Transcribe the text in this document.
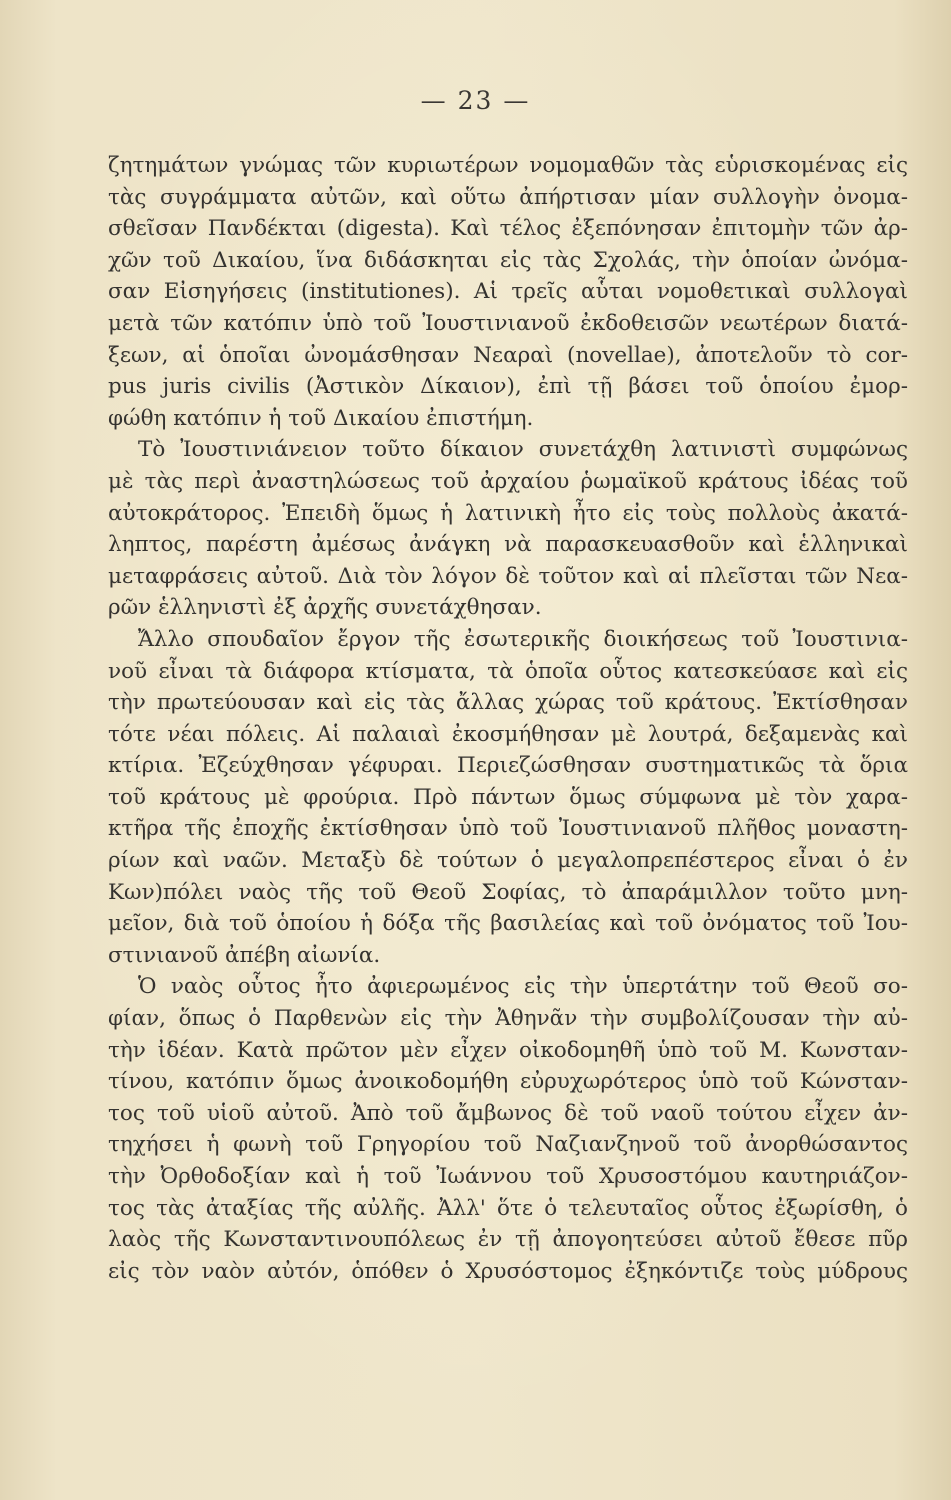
— 23 —
ζητημάτων γνώμας τῶν κυριωτέρων νομομαθῶν τὰς εὑρισκομένας εἰς
τὰς συγράμματα αὐτῶν, καὶ οὕτω ἀπήρτισαν μίαν συλλογὴν ὀνομα-
σθεῖσαν Πανδέκται (digesta). Καὶ τέλος ἐξεπόνησαν ἐπιτομὴν τῶν ἀρ-
χῶν τοῦ Δικαίου, ἵνα διδάσκηται εἰς τὰς Σχολάς, τὴν ὁποίαν ὠνόμα-
σαν Εἰσηγήσεις (institutiones). Αἱ τρεῖς αὗται νομοθετικαὶ συλλογαὶ
μετὰ τῶν κατόπιν ὑπὸ τοῦ Ἰουστινιανοῦ ἐκδοθεισῶν νεωτέρων διατά-
ξεων, αἱ ὁποῖαι ὠνομάσθησαν Νεαραὶ (novellae), ἀποτελοῦν τὸ cor-
pus juris civilis (Ἀστικὸν Δίκαιον), ἐπὶ τῇ βάσει τοῦ ὁποίου ἐμορ-
φώθη κατόπιν ἡ τοῦ Δικαίου ἐπιστήμη.
Τὸ Ἰουστινιάνειον τοῦτο δίκαιον συνετάχθη λατινιστὶ συμφώνως
μὲ τὰς περὶ ἀναστηλώσεως τοῦ ἀρχαίου ῥωμαϊκοῦ κράτους ἰδέας τοῦ
αὐτοκράτορος. Ἐπειδὴ ὅμως ἡ λατινικὴ ἦτο εἰς τοὺς πολλοὺς ἀκατά-
ληπτος, παρέστη ἀμέσως ἀνάγκη νὰ παρασκευασθοῦν καὶ ἑλληνικαὶ
μεταφράσεις αὐτοῦ. Διὰ τὸν λόγον δὲ τοῦτον καὶ αἱ πλεῖσται τῶν Νεα-
ρῶν ἑλληνιστὶ ἐξ ἀρχῆς συνετάχθησαν.
Ἄλλο σπουδαῖον ἔργον τῆς ἐσωτερικῆς διοικήσεως τοῦ Ἰουστινια-
νοῦ εἶναι τὰ διάφορα κτίσματα, τὰ ὁποῖα οὗτος κατεσκεύασε καὶ εἰς
τὴν πρωτεύουσαν καὶ εἰς τὰς ἄλλας χώρας τοῦ κράτους. Ἐκτίσθησαν
τότε νέαι πόλεις. Αἱ παλαιαὶ ἐκοσμήθησαν μὲ λουτρά, δεξαμενὰς καὶ
κτίρια. Ἐζεύχθησαν γέφυραι. Περιεζώσθησαν συστηματικῶς τὰ ὅρια
τοῦ κράτους μὲ φρούρια. Πρὸ πάντων ὅμως σύμφωνα μὲ τὸν χαρα-
κτῆρα τῆς ἐποχῆς ἐκτίσθησαν ὑπὸ τοῦ Ἰουστινιανοῦ πλῆθος μοναστη-
ρίων καὶ ναῶν. Μεταξὺ δὲ τούτων ὁ μεγαλοπρεπέστερος εἶναι ὁ ἐν
Κων)πόλει ναὸς τῆς τοῦ Θεοῦ Σοφίας, τὸ ἀπαράμιλλον τοῦτο μνη-
μεῖον, διὰ τοῦ ὁποίου ἡ δόξα τῆς βασιλείας καὶ τοῦ ὀνόματος τοῦ Ἰου-
στινιανοῦ ἀπέβη αἰωνία.
Ὁ ναὸς οὗτος ἦτο ἀφιερωμένος εἰς τὴν ὑπερτάτην τοῦ Θεοῦ σο-
φίαν, ὅπως ὁ Παρθενὼν εἰς τὴν Ἀθηνᾶν τὴν συμβολίζουσαν τὴν αὐ-
τὴν ἰδέαν. Κατὰ πρῶτον μὲν εἶχεν οἰκοδομηθῆ ὑπὸ τοῦ Μ. Κωνσταν-
τίνου, κατόπιν ὅμως ἀνοικοδομήθη εὐρυχωρότερος ὑπὸ τοῦ Κώνσταν-
τος τοῦ υἱοῦ αὐτοῦ. Ἀπὸ τοῦ ἄμβωνος δὲ τοῦ ναοῦ τούτου εἶχεν ἀν-
τηχήσει ἡ φωνὴ τοῦ Γρηγορίου τοῦ Ναζιανζηνοῦ τοῦ ἀνορθώσαντος
τὴν Ὀρθοδοξίαν καὶ ἡ τοῦ Ἰωάννου τοῦ Χρυσοστόμου καυτηριάζον-
τος τὰς ἀταξίας τῆς αὐλῆς. Ἀλλ' ὅτε ὁ τελευταῖος οὗτος ἐξωρίσθη, ὁ
λαὸς τῆς Κωνσταντινουπόλεως ἐν τῇ ἀπογοητεύσει αὐτοῦ ἔθεσε πῦρ
εἰς τὸν ναὸν αὐτόν, ὁπόθεν ὁ Χρυσόστομος ἐξηκόντιζε τοὺς μύδρους
